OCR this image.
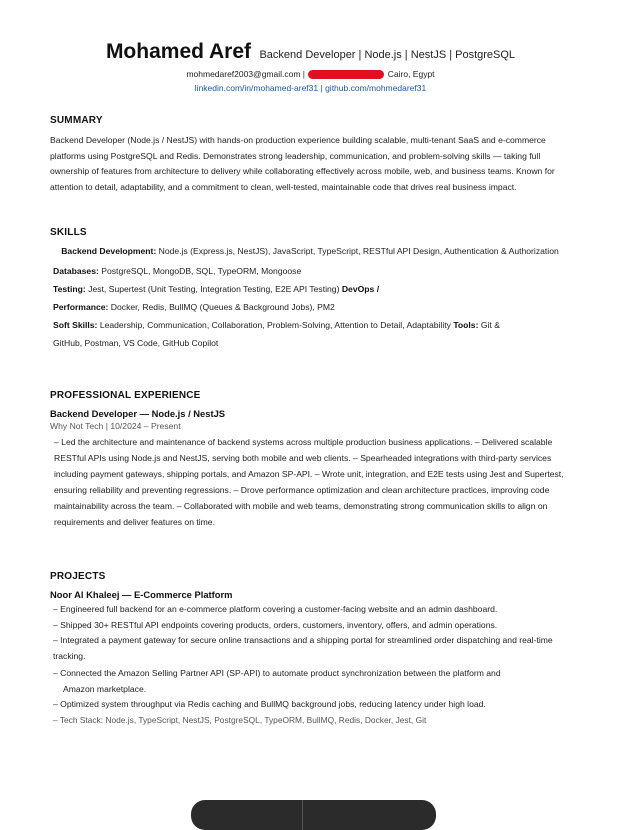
Mohamed Aref Backend Developer | Node.js | NestJS | PostgreSQL
mohmedaref2003@gmail.com |	Cairo, Egypt
linkedin.com/in/mohamed-aref31 | github.com/mohmedaref31
SUMMARY

Backend Developer (Node.js / NestJS) with hands-on production experience building scalable, multi-tenant SaaS and e-commerce platforms using PostgreSQL and Redis. Demonstrates strong leadership, communication, and problem-solving skills — taking full ownership of features from architecture to delivery while collaborating effectively across mobile, web, and business teams. Known for attention to detail, adaptability, and a commitment to clean, well-tested, maintainable code that drives real business impact.

SKILLS
Backend Development: Node.js (Express.js, NestJS), JavaScript, TypeScript, RESTful API Design, Authentication & Authorization
Databases: PostgreSQL, MongoDB, SQL, TypeORM, Mongoose
Testing: Jest, Supertest (Unit Testing, Integration Testing, E2E API Testing) DevOps /
Performance: Docker, Redis, BullMQ (Queues & Background Jobs), PM2
Soft Skills: Leadership, Communication, Collaboration, Problem-Solving, Attention to Detail, Adaptability Tools: Git &
GitHub, Postman, VS Code, GitHub Copilot
PROFESSIONAL EXPERIENCE
Backend Developer — Node.js / NestJS
Why Not Tech | 10/2024 – Present

– Led the architecture and maintenance of backend systems across multiple production business applications. – Delivered scalable RESTful APIs using Node.js and NestJS, serving both mobile and web clients. – Spearheaded integrations with third-party services including payment gateways, shipping portals, and Amazon SP-API. – Wrote unit, integration, and E2E tests using Jest and Supertest, ensuring reliability and preventing regressions. – Drove performance optimization and clean architecture practices, improving code maintainability across the team. – Collaborated with mobile and web teams, demonstrating strong communication skills to align on requirements and deliver features on time.

PROJECTS
Noor Al Khaleej — E-Commerce Platform
– Engineered full backend for an e-commerce platform covering a customer-facing website and an admin dashboard.
– Shipped 30+ RESTful API endpoints covering products, orders, customers, inventory, offers, and admin operations.
– Integrated a payment gateway for secure online transactions and a shipping portal for streamlined order dispatching and real-time tracking.
– Connected the Amazon Selling Partner API (SP-API) to automate product synchronization between the platform and
Amazon marketplace.
– Optimized system throughput via Redis caching and BullMQ background jobs, reducing latency under high load.
– Tech Stack: Node.js, TypeScript, NestJS, PostgreSQL, TypeORM, BullMQ, Redis, Docker, Jest, Git
